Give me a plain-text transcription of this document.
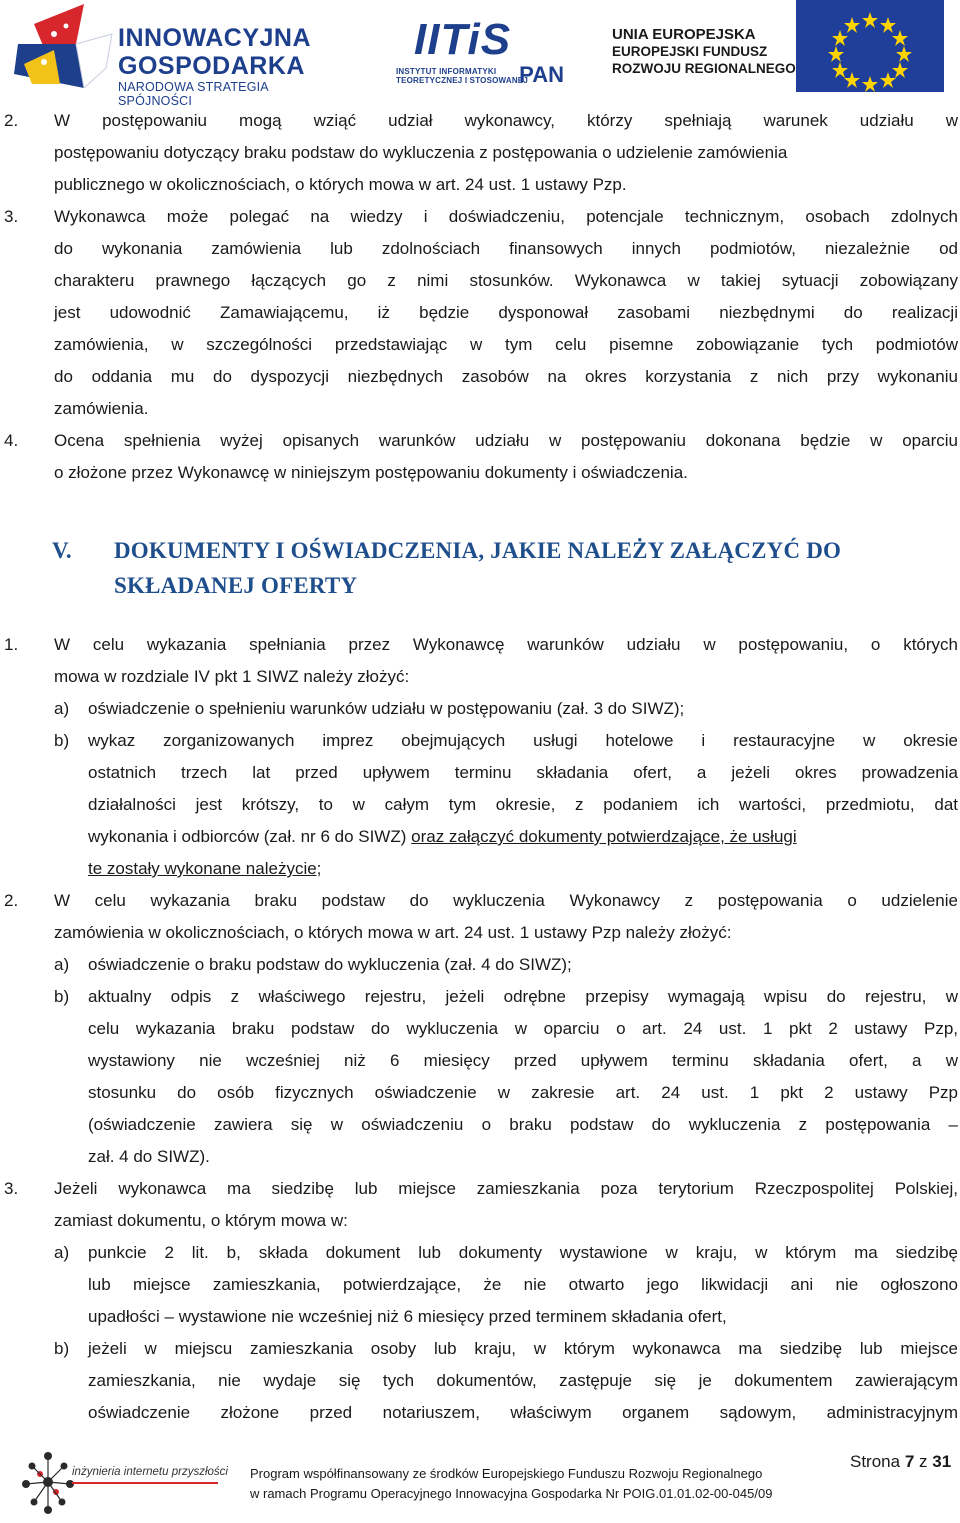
INNOWACYJNA
GOSPODARKA
NARODOWA STRATEGIA SPÓJNOŚCI
IITiS
INSTYTUT INFORMATYKI
TEORETYCZNEJ I STOSOWANEJ
PAN
UNIA EUROPEJSKA
EUROPEJSKI FUNDUSZ
ROZWOJU REGIONALNEGO
2. W postępowaniu mogą wziąć udział wykonawcy, którzy spełniają warunek udziału w
postępowaniu dotyczący braku podstaw do wykluczenia z postępowania o udzielenie zamówienia
publicznego w okolicznościach, o których mowa w art. 24 ust. 1 ustawy Pzp.
3. Wykonawca może polegać na wiedzy i doświadczeniu, potencjale technicznym, osobach zdolnych
do wykonania zamówienia lub zdolnościach finansowych innych podmiotów, niezależnie od
charakteru prawnego łączących go z nimi stosunków. Wykonawca w takiej sytuacji zobowiązany
jest udowodnić Zamawiającemu, iż będzie dysponował zasobami niezbędnymi do realizacji
zamówienia, w szczególności przedstawiając w tym celu pisemne zobowiązanie tych podmiotów
do oddania mu do dyspozycji niezbędnych zasobów na okres korzystania z nich przy wykonaniu
zamówienia.
4. Ocena spełnienia wyżej opisanych warunków udziału w postępowaniu dokonana będzie w oparciu
o złożone przez Wykonawcę w niniejszym postępowaniu dokumenty i oświadczenia.
V. DOKUMENTY I OŚWIADCZENIA, JAKIE NALEŻY ZAŁĄCZYĆ DO
SKŁADANEJ OFERTY
1. W celu wykazania spełniania przez Wykonawcę warunków udziału w postępowaniu, o których
mowa w rozdziale IV pkt 1 SIWZ należy złożyć:
a) oświadczenie o spełnieniu warunków udziału w postępowaniu (zał. 3 do SIWZ);
b) wykaz zorganizowanych imprez obejmujących usługi hotelowe i restauracyjne w okresie
ostatnich trzech lat przed upływem terminu składania ofert, a jeżeli okres prowadzenia
działalności jest krótszy, to w całym tym okresie, z podaniem ich wartości, przedmiotu, dat
wykonania i odbiorców (zał. nr 6 do SIWZ) oraz załączyć dokumenty potwierdzające, że usługi
te zostały wykonane należycie;
2. W celu wykazania braku podstaw do wykluczenia Wykonawcy z postępowania o udzielenie
zamówienia w okolicznościach, o których mowa w art. 24 ust. 1 ustawy Pzp należy złożyć:
a) oświadczenie o braku podstaw do wykluczenia (zał. 4 do SIWZ);
b) aktualny odpis z właściwego rejestru, jeżeli odrębne przepisy wymagają wpisu do rejestru, w
celu wykazania braku podstaw do wykluczenia w oparciu o art. 24 ust. 1 pkt 2 ustawy Pzp,
wystawiony nie wcześniej niż 6 miesięcy przed upływem terminu składania ofert, a w
stosunku do osób fizycznych oświadczenie w zakresie art. 24 ust. 1 pkt 2 ustawy Pzp
(oświadczenie zawiera się w oświadczeniu o braku podstaw do wykluczenia z postępowania –
zał. 4 do SIWZ).
3. Jeżeli wykonawca ma siedzibę lub miejsce zamieszkania poza terytorium Rzeczpospolitej Polskiej,
zamiast dokumentu, o którym mowa w:
a) punkcie 2 lit. b, składa dokument lub dokumenty wystawione w kraju, w którym ma siedzibę
lub miejsce zamieszkania, potwierdzające, że nie otwarto jego likwidacji ani nie ogłoszono
upadłości – wystawione nie wcześniej niż 6 miesięcy przed terminem składania ofert,
b) jeżeli w miejscu zamieszkania osoby lub kraju, w którym wykonawca ma siedzibę lub miejsce
zamieszkania, nie wydaje się tych dokumentów, zastępuje się je dokumentem zawierającym
oświadczenie złożone przed notariuszem, właściwym organem sądowym, administracyjnym
inżynieria internetu przyszłości Program współfinansowany ze środków Europejskiego Funduszu Rozwoju Regionalnego
w ramach Programu Operacyjnego Innowacyjna Gospodarka Nr POIG.01.01.02-00-045/09
Strona 7 z 31
